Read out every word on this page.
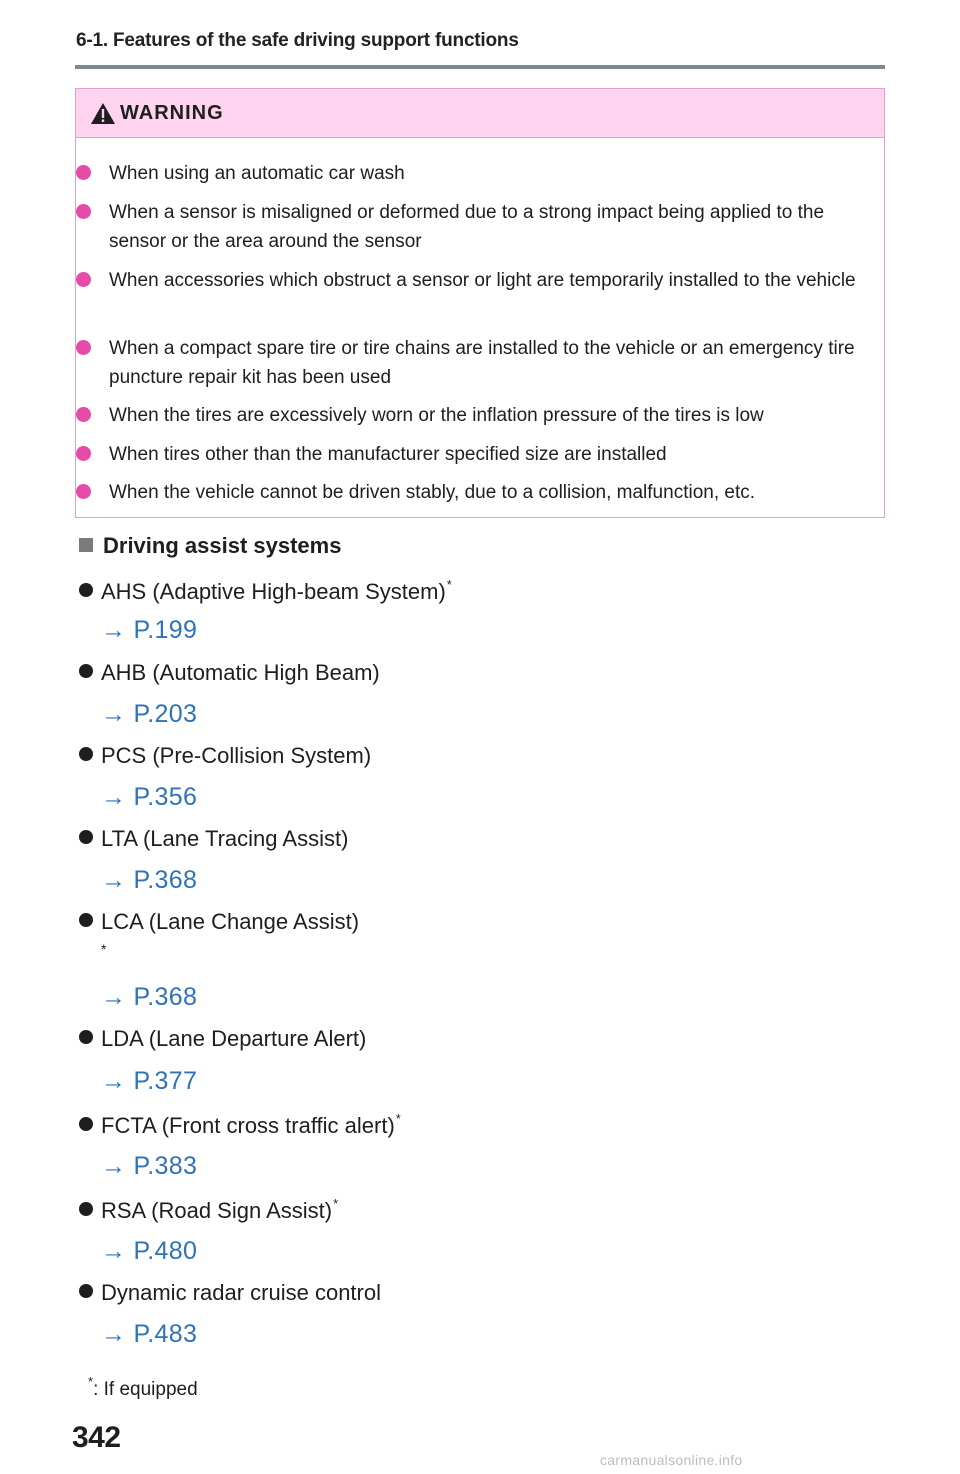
6-1. Features of the safe driving support functions
WARNING
When using an automatic car wash
When a sensor is misaligned or deformed due to a strong impact being applied to the sensor or the area around the sensor
When accessories which obstruct a sensor or light are temporarily installed to the vehicle
When a compact spare tire or tire chains are installed to the vehicle or an emergency tire puncture repair kit has been used
When the tires are excessively worn or the inflation pressure of the tires is low
When tires other than the manufacturer specified size are installed
When the vehicle cannot be driven stably, due to a collision, malfunction, etc.
Driving assist systems
AHS (Adaptive High-beam System)*
→ P.199
AHB (Automatic High Beam)
→ P.203
PCS (Pre-Collision System)
→ P.356
LTA (Lane Tracing Assist)
→ P.368
LCA (Lane Change Assist)
*
→ P.368
LDA (Lane Departure Alert)
→ P.377
FCTA (Front cross traffic alert)*
→ P.383
RSA (Road Sign Assist)*
→ P.480
Dynamic radar cruise control
→ P.483
*: If equipped
342
carmanualsonline.info
